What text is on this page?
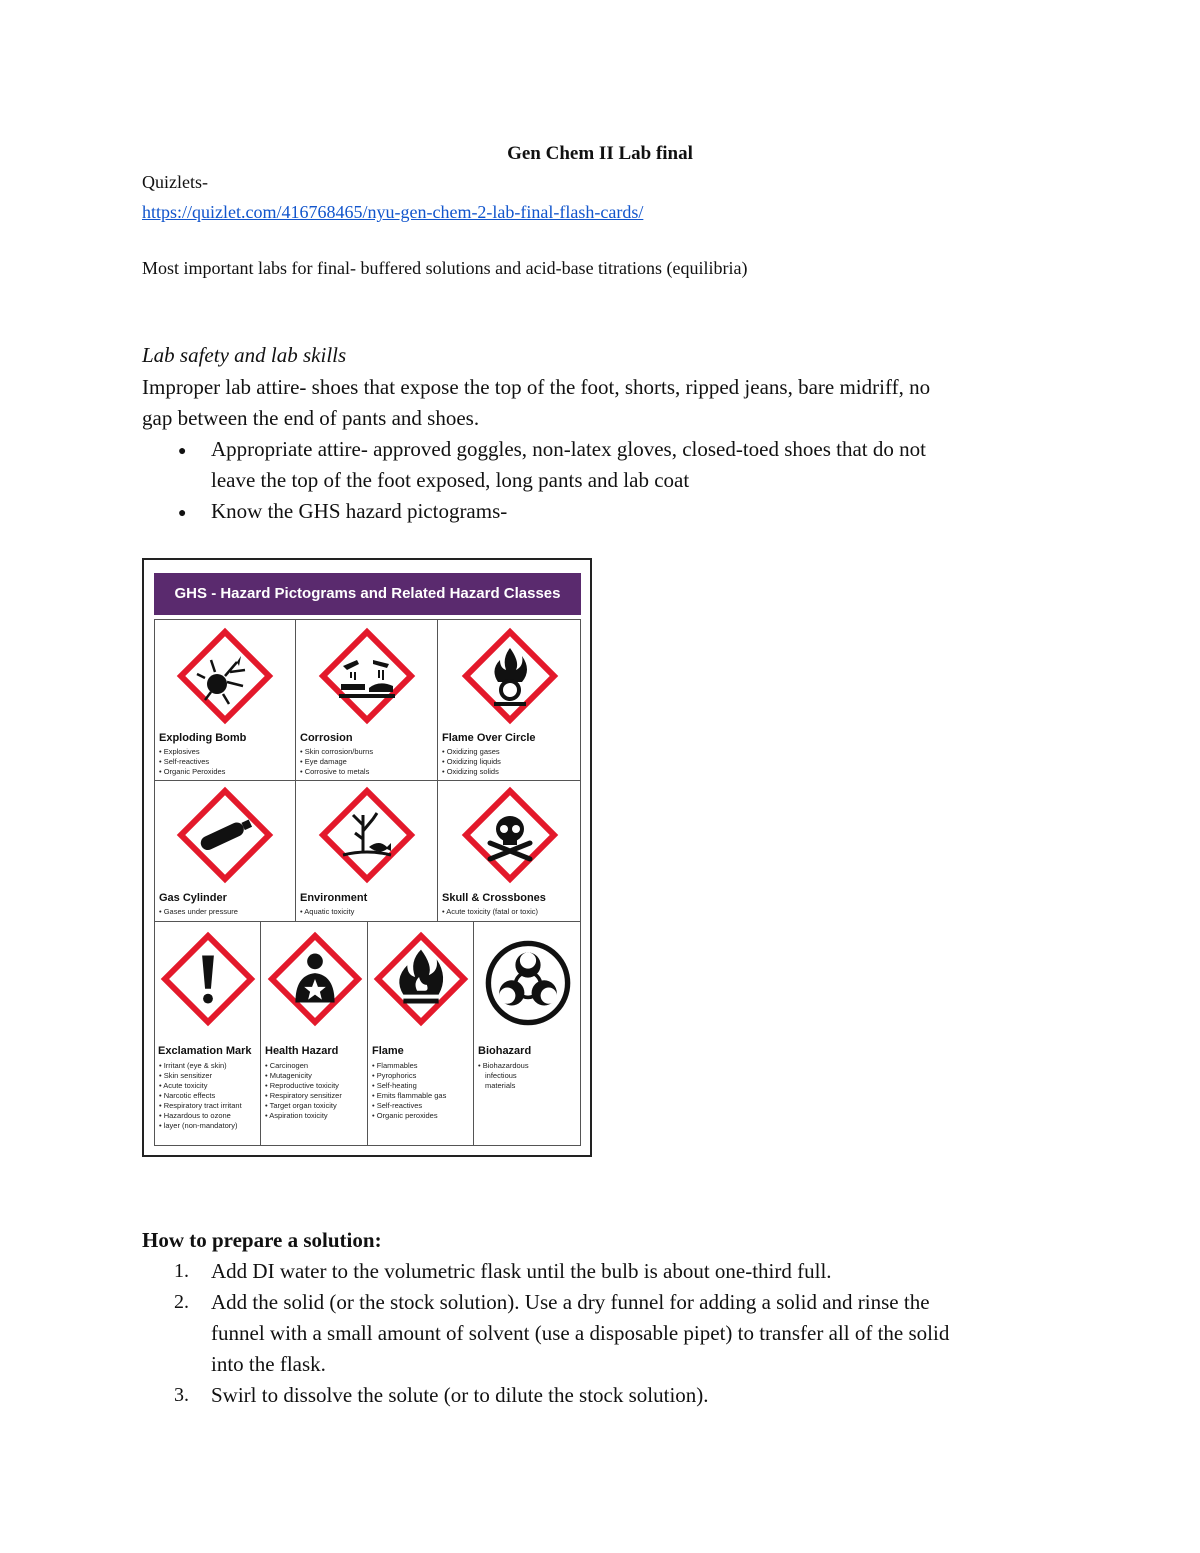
Gen Chem II Lab final
Quizlets-
https://quizlet.com/416768465/nyu-gen-chem-2-lab-final-flash-cards/
Most important labs for final- buffered solutions and acid-base titrations (equilibria)
Lab safety and lab skills
Improper lab attire- shoes that expose the top of the foot, shorts, ripped jeans, bare midriff, no
gap between the end of pants and shoes.
● Appropriate attire- approved goggles, non-latex gloves, closed-toed shoes that do not
leave the top of the foot exposed, long pants and lab coat
● Know the GHS hazard pictograms-
GHS - Hazard Pictograms and Related Hazard Classes
Exploding Bomb
• Explosives
• Self-reactives
• Organic Peroxides
Corrosion
• Skin corrosion/burns
• Eye damage
• Corrosive to metals
Flame Over Circle
• Oxidizing gases
• Oxidizing liquids
• Oxidizing solids
Gas Cylinder
• Gases under pressure
Environment
• Aquatic toxicity
Skull & Crossbones
• Acute toxicity (fatal or toxic)
Exclamation Mark
• Irritant (eye & skin)
• Skin sensitizer
• Acute toxicity
• Narcotic effects
• Respiratory tract irritant
• Hazardous to ozone
• layer (non-mandatory)
Health Hazard
• Carcinogen
• Mutagenicity
• Reproductive toxicity
• Respiratory sensitizer
• Target organ toxicity
• Aspiration toxicity
Flame
• Flammables
• Pyrophorics
• Self-heating
• Emits flammable gas
• Self-reactives
• Organic peroxides
Biohazard
• Biohazardous
infectious
materials
How to prepare a solution:
1. Add DI water to the volumetric flask until the bulb is about one-third full.
2. Add the solid (or the stock solution). Use a dry funnel for adding a solid and rinse the
funnel with a small amount of solvent (use a disposable pipet) to transfer all of the solid
into the flask.
3. Swirl to dissolve the solute (or to dilute the stock solution).
